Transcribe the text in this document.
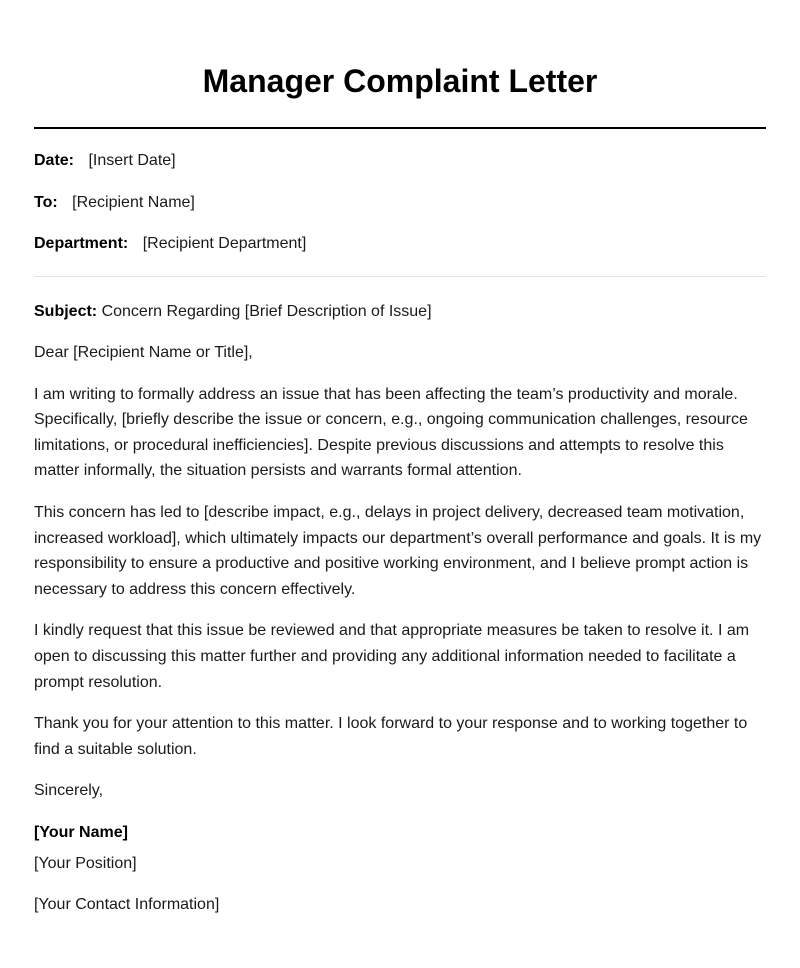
Manager Complaint Letter
Date: [Insert Date]
To: [Recipient Name]
Department: [Recipient Department]

Subject: Concern Regarding [Brief Description of Issue]

Dear [Recipient Name or Title],

I am writing to formally address an issue that has been affecting the team’s productivity and morale. Specifically, [briefly describe the issue or concern, e.g., ongoing communication challenges, resource limitations, or procedural inefficiencies]. Despite previous discussions and attempts to resolve this matter informally, the situation persists and warrants formal attention.

This concern has led to [describe impact, e.g., delays in project delivery, decreased team motivation, increased workload], which ultimately impacts our department’s overall performance and goals. It is my responsibility to ensure a productive and positive working environment, and I believe prompt action is necessary to address this concern effectively.

I kindly request that this issue be reviewed and that appropriate measures be taken to resolve it. I am open to discussing this matter further and providing any additional information needed to facilitate a prompt resolution.

Thank you for your attention to this matter. I look forward to your response and to working together to find a suitable solution.

Sincerely,

[Your Name]

[Your Position]

[Your Contact Information]
